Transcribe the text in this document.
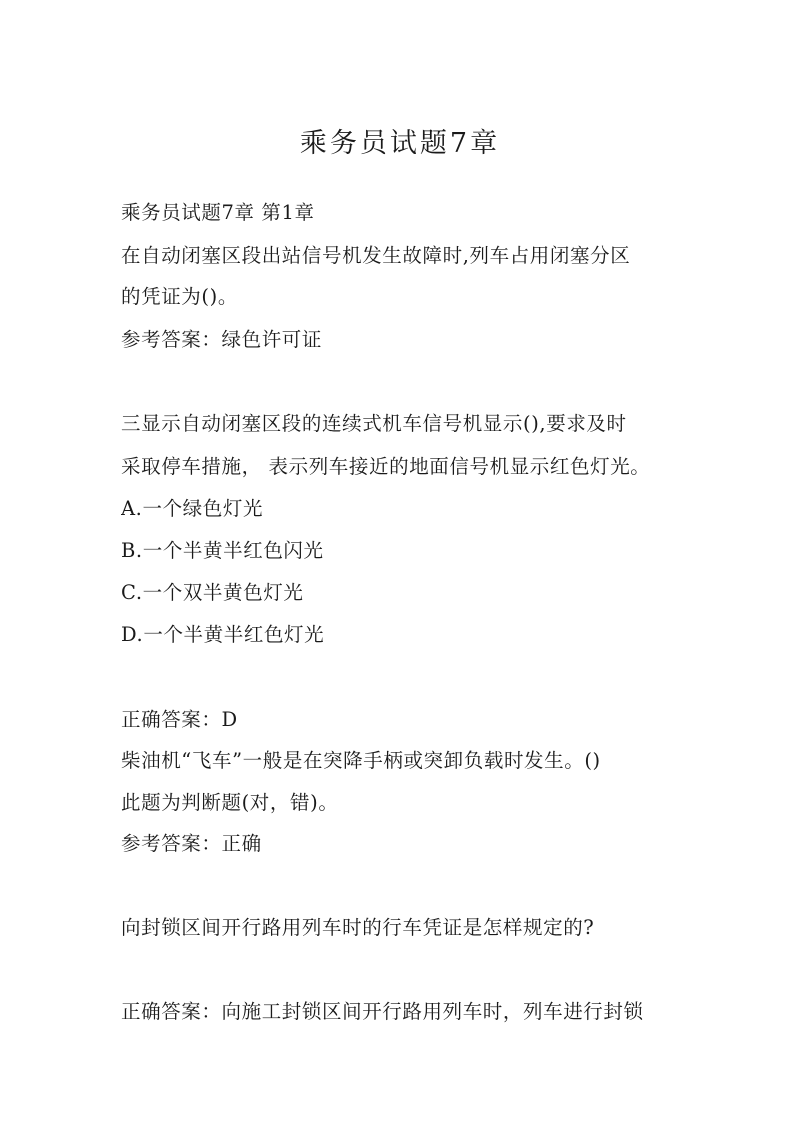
乘务员试题7章
乘务员试题7章 第1章
在自动闭塞区段出站信号机发生故障时,列车占用闭塞分区
的凭证为()。
参考答案：绿色许可证
三显示自动闭塞区段的连续式机车信号机显示(),要求及时
采取停车措施， 表示列车接近的地面信号机显示红色灯光。
A.一个绿色灯光
B.一个半黄半红色闪光
C.一个双半黄色灯光
D.一个半黄半红色灯光
正确答案：D
柴油机“飞车”一般是在突降手柄或突卸负载时发生。()
此题为判断题(对，错)。
参考答案：正确
向封锁区间开行路用列车时的行车凭证是怎样规定的?
正确答案：向施工封锁区间开行路用列车时，列车进行封锁
